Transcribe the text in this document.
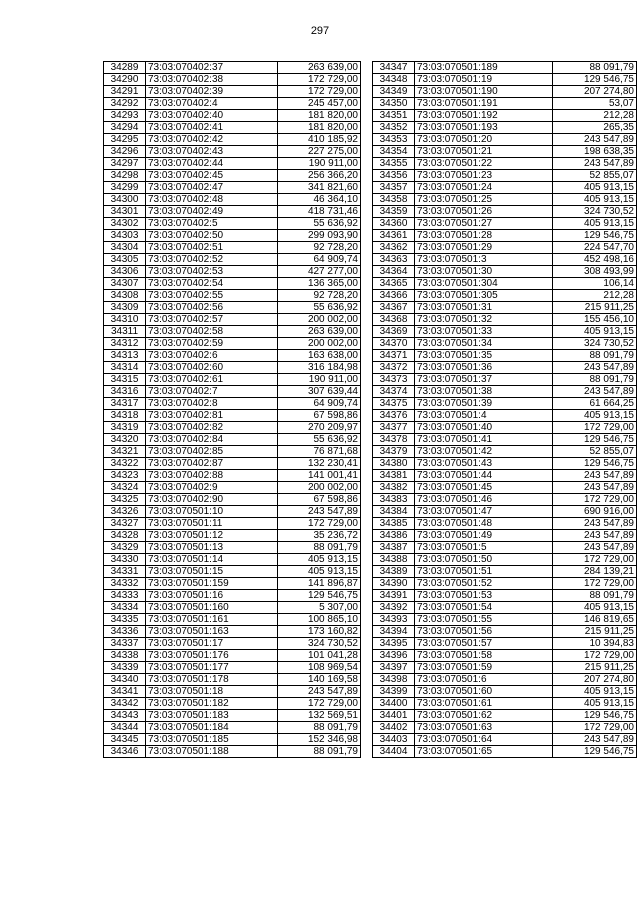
297
34289	73:03:070402:37	263 639,00
34290	73:03:070402:38	172 729,00
34291	73:03:070402:39	172 729,00
34292	73:03:070402:4	245 457,00
34293	73:03:070402:40	181 820,00
34294	73:03:070402:41	181 820,00
34295	73:03:070402:42	410 185,92
34296	73:03:070402:43	227 275,00
34297	73:03:070402:44	190 911,00
34298	73:03:070402:45	256 366,20
34299	73:03:070402:47	341 821,60
34300	73:03:070402:48	46 364,10
34301	73:03:070402:49	418 731,46
34302	73:03:070402:5	55 636,92
34303	73:03:070402:50	299 093,90
34304	73:03:070402:51	92 728,20
34305	73:03:070402:52	64 909,74
34306	73:03:070402:53	427 277,00
34307	73:03:070402:54	136 365,00
34308	73:03:070402:55	92 728,20
34309	73:03:070402:56	55 636,92
34310	73:03:070402:57	200 002,00
34311	73:03:070402:58	263 639,00
34312	73:03:070402:59	200 002,00
34313	73:03:070402:6	163 638,00
34314	73:03:070402:60	316 184,98
34315	73:03:070402:61	190 911,00
34316	73:03:070402:7	307 639,44
34317	73:03:070402:8	64 909,74
34318	73:03:070402:81	67 598,86
34319	73:03:070402:82	270 209,97
34320	73:03:070402:84	55 636,92
34321	73:03:070402:85	76 871,68
34322	73:03:070402:87	132 230,41
34323	73:03:070402:88	141 001,41
34324	73:03:070402:9	200 002,00
34325	73:03:070402:90	67 598,86
34326	73:03:070501:10	243 547,89
34327	73:03:070501:11	172 729,00
34328	73:03:070501:12	35 236,72
34329	73:03:070501:13	88 091,79
34330	73:03:070501:14	405 913,15
34331	73:03:070501:15	405 913,15
34332	73:03:070501:159	141 896,87
34333	73:03:070501:16	129 546,75
34334	73:03:070501:160	5 307,00
34335	73:03:070501:161	100 865,10
34336	73:03:070501:163	173 160,82
34337	73:03:070501:17	324 730,52
34338	73:03:070501:176	101 041,28
34339	73:03:070501:177	108 969,54
34340	73:03:070501:178	140 169,58
34341	73:03:070501:18	243 547,89
34342	73:03:070501:182	172 729,00
34343	73:03:070501:183	132 569,51
34344	73:03:070501:184	88 091,79
34345	73:03:070501:185	152 346,98
34346	73:03:070501:188	88 091,79
34347	73:03:070501:189	88 091,79
34348	73:03:070501:19	129 546,75
34349	73:03:070501:190	207 274,80
34350	73:03:070501:191	53,07
34351	73:03:070501:192	212,28
34352	73:03:070501:193	265,35
34353	73:03:070501:20	243 547,89
34354	73:03:070501:21	198 638,35
34355	73:03:070501:22	243 547,89
34356	73:03:070501:23	52 855,07
34357	73:03:070501:24	405 913,15
34358	73:03:070501:25	405 913,15
34359	73:03:070501:26	324 730,52
34360	73:03:070501:27	405 913,15
34361	73:03:070501:28	129 546,75
34362	73:03:070501:29	224 547,70
34363	73:03:070501:3	452 498,16
34364	73:03:070501:30	308 493,99
34365	73:03:070501:304	106,14
34366	73:03:070501:305	212,28
34367	73:03:070501:31	215 911,25
34368	73:03:070501:32	155 456,10
34369	73:03:070501:33	405 913,15
34370	73:03:070501:34	324 730,52
34371	73:03:070501:35	88 091,79
34372	73:03:070501:36	243 547,89
34373	73:03:070501:37	88 091,79
34374	73:03:070501:38	243 547,89
34375	73:03:070501:39	61 664,25
34376	73:03:070501:4	405 913,15
34377	73:03:070501:40	172 729,00
34378	73:03:070501:41	129 546,75
34379	73:03:070501:42	52 855,07
34380	73:03:070501:43	129 546,75
34381	73:03:070501:44	243 547,89
34382	73:03:070501:45	243 547,89
34383	73:03:070501:46	172 729,00
34384	73:03:070501:47	690 916,00
34385	73:03:070501:48	243 547,89
34386	73:03:070501:49	243 547,89
34387	73:03:070501:5	243 547,89
34388	73:03:070501:50	172 729,00
34389	73:03:070501:51	284 139,21
34390	73:03:070501:52	172 729,00
34391	73:03:070501:53	88 091,79
34392	73:03:070501:54	405 913,15
34393	73:03:070501:55	146 819,65
34394	73:03:070501:56	215 911,25
34395	73:03:070501:57	10 394,83
34396	73:03:070501:58	172 729,00
34397	73:03:070501:59	215 911,25
34398	73:03:070501:6	207 274,80
34399	73:03:070501:60	405 913,15
34400	73:03:070501:61	405 913,15
34401	73:03:070501:62	129 546,75
34402	73:03:070501:63	172 729,00
34403	73:03:070501:64	243 547,89
34404	73:03:070501:65	129 546,75
